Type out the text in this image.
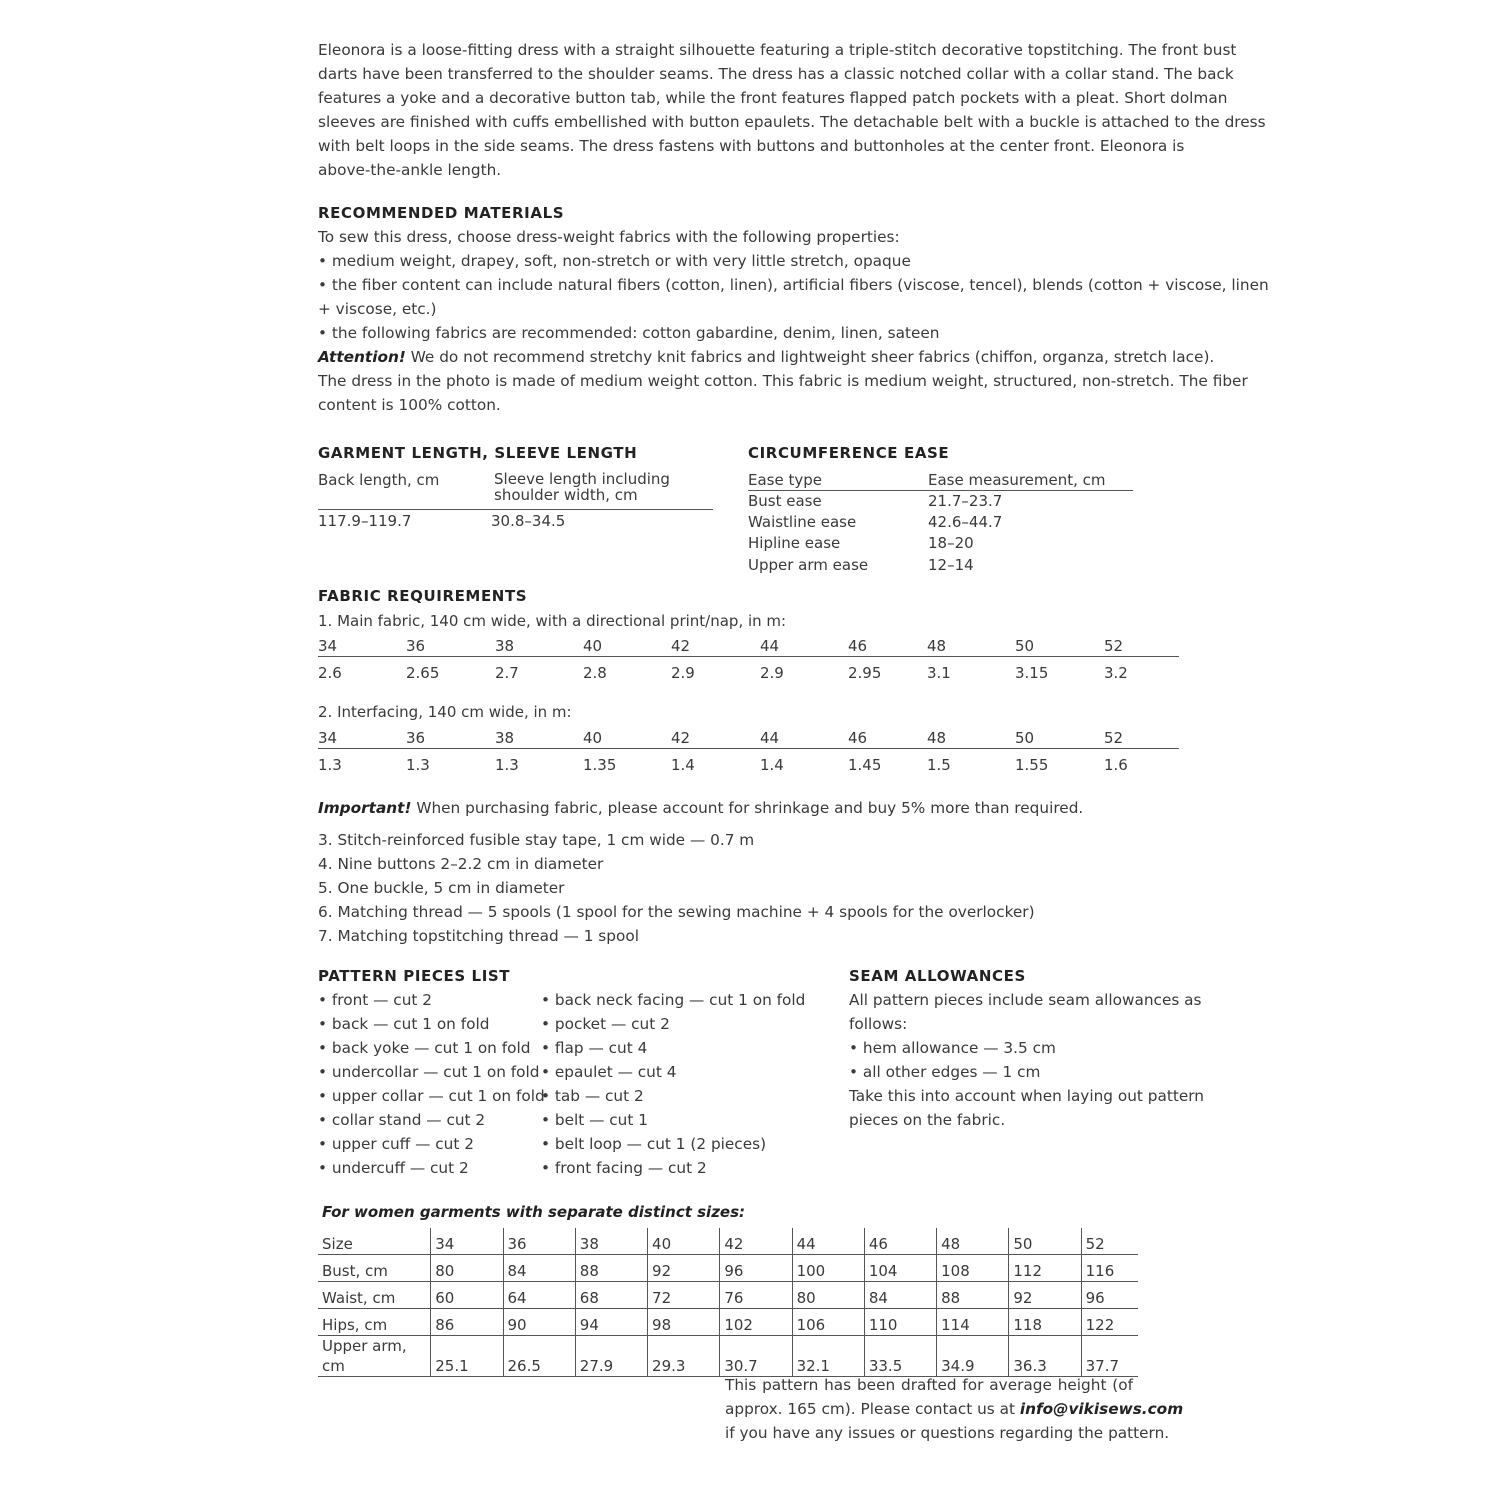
Eleonora is a loose-fitting dress with a straight silhouette featuring a triple-stitch decorative topstitching. The front bust
darts have been transferred to the shoulder seams. The dress has a classic notched collar with a collar stand. The back
features a yoke and a decorative button tab, while the front features flapped patch pockets with a pleat. Short dolman
sleeves are finished with cuffs embellished with button epaulets. The detachable belt with a buckle is attached to the dress
with belt loops in the side seams. The dress fastens with buttons and buttonholes at the center front. Eleonora is
above-the-ankle length.
RECOMMENDED MATERIALS
To sew this dress, choose dress-weight fabrics with the following properties:
• medium weight, drapey, soft, non-stretch or with very little stretch, opaque
• the fiber content can include natural fibers (cotton, linen), artificial fibers (viscose, tencel), blends (cotton + viscose, linen
+ viscose, etc.)
• the following fabrics are recommended: cotton gabardine, denim, linen, sateen
Attention! We do not recommend stretchy knit fabrics and lightweight sheer fabrics (chiffon, organza, stretch lace).
The dress in the photo is made of medium weight cotton. This fabric is medium weight, structured, non-stretch. The fiber
content is 100% cotton.
GARMENT LENGTH, SLEEVE LENGTH
Back length, cm	Sleeve length including
shoulder width, cm
117.9–119.7	30.8–34.5
CIRCUMFERENCE EASE
Ease type	Ease measurement, cm
Bust ease	21.7–23.7
Waistline ease	42.6–44.7
Hipline ease	18–20
Upper arm ease	12–14
FABRIC REQUIREMENTS
1. Main fabric, 140 cm wide, with a directional print/nap, in m:
34	36	38	40	42	44	46	48	50	52
2.6	2.65	2.7	2.8	2.9	2.9	2.95	3.1	3.15	3.2
2. Interfacing, 140 cm wide, in m:
34	36	38	40	42	44	46	48	50	52
1.3	1.3	1.3	1.35	1.4	1.4	1.45	1.5	1.55	1.6
Important! When purchasing fabric, please account for shrinkage and buy 5% more than required.
3. Stitch-reinforced fusible stay tape, 1 cm wide — 0.7 m
4. Nine buttons 2–2.2 cm in diameter
5. One buckle, 5 cm in diameter
6. Matching thread — 5 spools (1 spool for the sewing machine + 4 spools for the overlocker)
7. Matching topstitching thread — 1 spool
PATTERN PIECES LIST
• front — cut 2
• back — cut 1 on fold
• back yoke — cut 1 on fold
• undercollar — cut 1 on fold
• upper collar — cut 1 on fold
• collar stand — cut 2
• upper cuff — cut 2
• undercuff — cut 2
• back neck facing — cut 1 on fold
• pocket — cut 2
• flap — cut 4
• epaulet — cut 4
• tab — cut 2
• belt — cut 1
• belt loop — cut 1 (2 pieces)
• front facing — cut 2
SEAM ALLOWANCES
All pattern pieces include seam allowances as
follows:
• hem allowance — 3.5 cm
• all other edges — 1 cm
Take this into account when laying out pattern
pieces on the fabric.
For women garments with separate distinct sizes:
Size	34	36	38	40	42	44	46	48	50	52
Bust, cm	80	84	88	92	96	100	104	108	112	116
Waist, cm	60	64	68	72	76	80	84	88	92	96
Hips, cm	86	90	94	98	102	106	110	114	118	122
Upper arm, cm	25.1	26.5	27.9	29.3	30.7	32.1	33.5	34.9	36.3	37.7
This pattern has been drafted for average height (of
approx. 165 cm). Please contact us at info@vikisews.com
if you have any issues or questions regarding the pattern.
